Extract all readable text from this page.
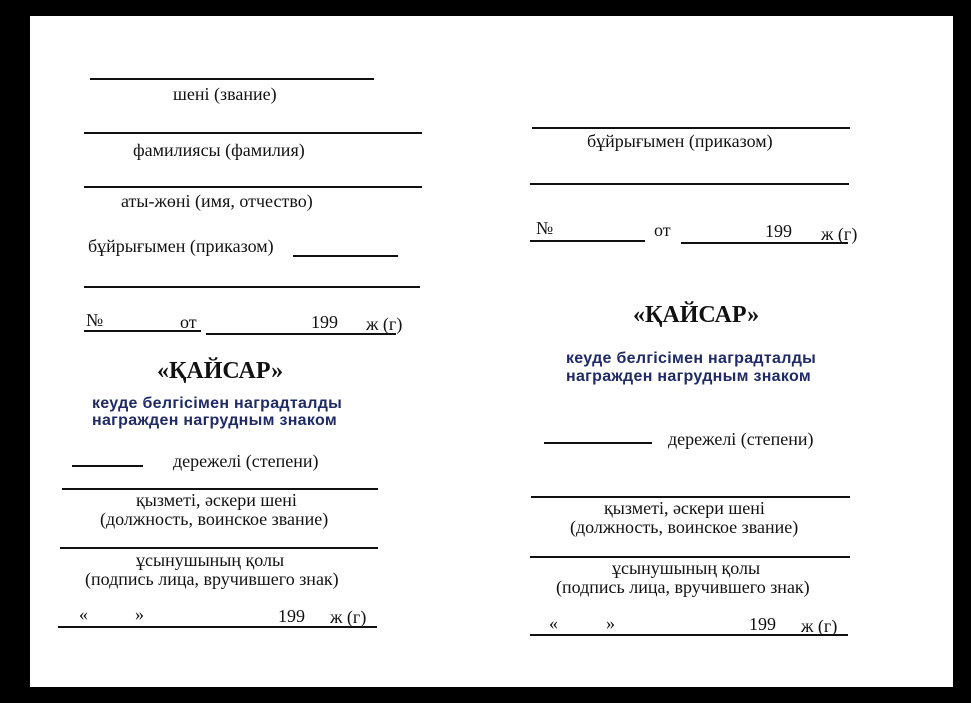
шені (звание)
фамилиясы (фамилия)
аты-жөні (имя, отчество)
бұйрығымен (приказом)
№	от	199 ж (г)
«ҚАЙСАР»
кеуде белгісімен наградталды
награжден нагрудным знаком
дережелі (степени)
қызметі, әскери шені
(должность, воинское звание)
ұсынушының қолы
(подпись лица, вручившего знак)
«	»	199 ж (г)
бұйрығымен (приказом)
№	от	199 ж (г)
«ҚАЙСАР»
кеуде белгісімен наградталды
награжден нагрудным знаком
дережелі (степени)
қызметі, әскери шені
(должность, воинское звание)
ұсынушының қолы
(подпись лица, вручившего знак)
«	»	199 ж (г)
